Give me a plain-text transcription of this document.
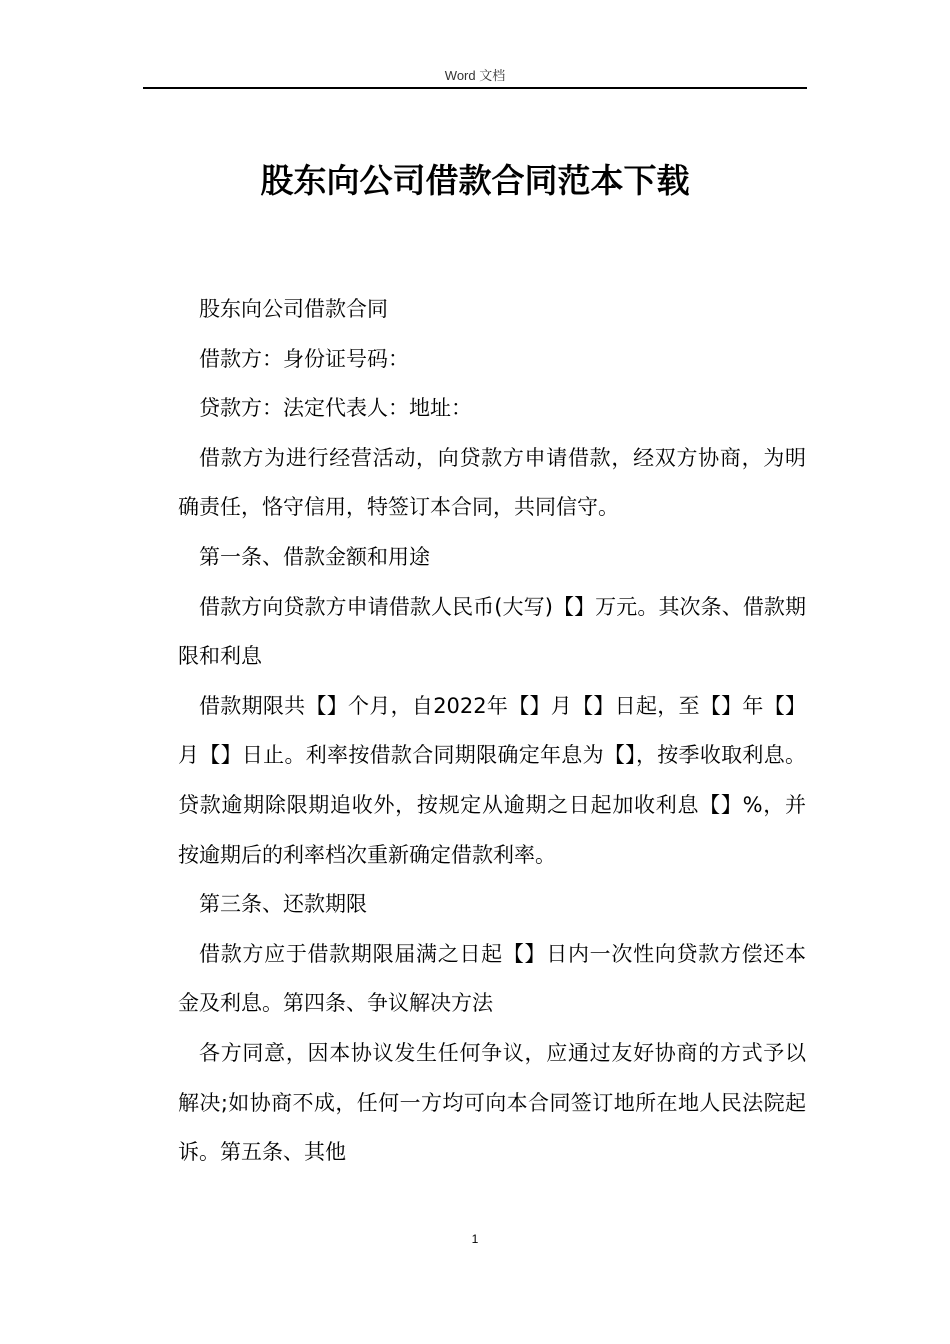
Word 文档
股东向公司借款合同范本下载

股东向公司借款合同

借款方：身份证号码：

贷款方：法定代表人：地址：

借款方为进行经营活动，向贷款方申请借款，经双方协商，为明确责任，恪守信用，特签订本合同，共同信守。

第一条、借款金额和用途

借款方向贷款方申请借款人民币(大写)【】万元。其次条、借款期限和利息

借款期限共【】个月，自2022年【】月【】日起，至【】年【】月【】日止。利率按借款合同期限确定年息为【】，按季收取利息。贷款逾期除限期追收外，按规定从逾期之日起加收利息【】%，并按逾期后的利率档次重新确定借款利率。

第三条、还款期限

借款方应于借款期限届满之日起【】日内一次性向贷款方偿还本金及利息。第四条、争议解决方法

各方同意，因本协议发生任何争议，应通过友好协商的方式予以解决;如协商不成，任何一方均可向本合同签订地所在地人民法院起诉。第五条、其他

1
